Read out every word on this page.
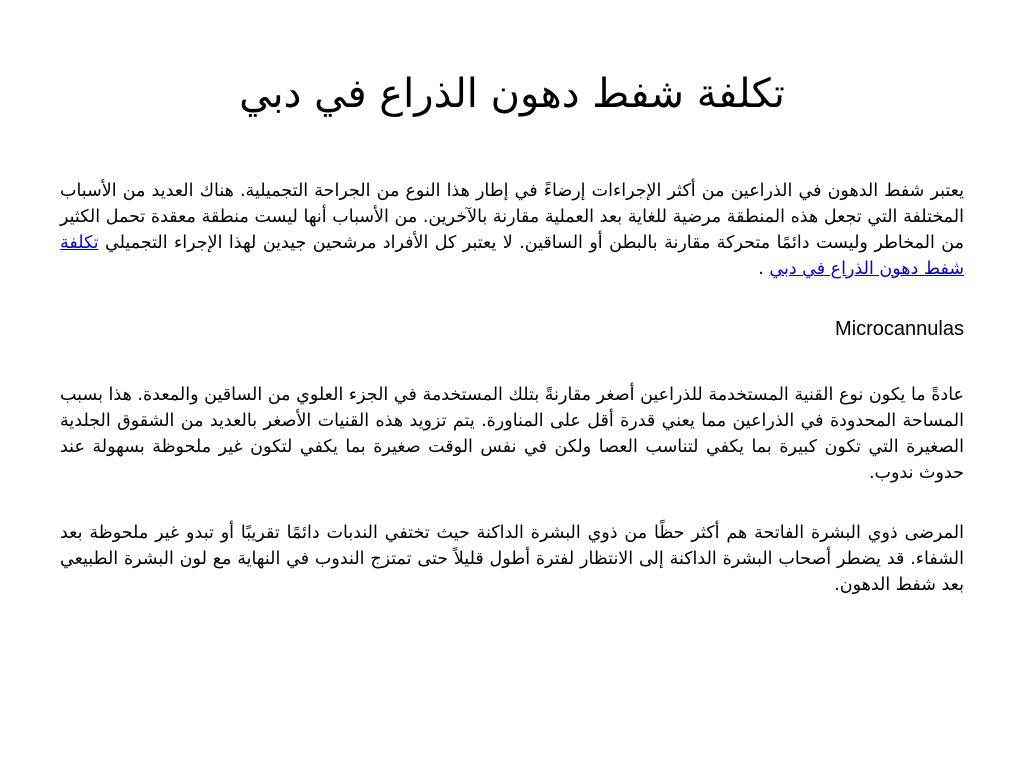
تكلفة شفط دهون الذراع في دبي

يعتبر شفط الدهون في الذراعين من أكثر الإجراءات إرضاءً في إطار هذا النوع من الجراحة التجميلية. هناك العديد من الأسباب المختلفة التي تجعل هذه المنطقة مرضية للغاية بعد العملية مقارنة بالآخرين. من الأسباب أنها ليست منطقة معقدة تحمل الكثير من المخاطر وليست دائمًا متحركة مقارنة بالبطن أو الساقين. لا يعتبر كل الأفراد مرشحين جيدين لهذا الإجراء التجميلي تكلفة شفط دهون الذراع في دبي .

Microcannulas

عادةً ما يكون نوع القنية المستخدمة للذراعين أصغر مقارنةً بتلك المستخدمة في الجزء العلوي من الساقين والمعدة. هذا بسبب المساحة المحدودة في الذراعين مما يعني قدرة أقل على المناورة. يتم تزويد هذه القنيات الأصغر بالعديد من الشقوق الجلدية الصغيرة التي تكون كبيرة بما يكفي لتناسب العصا ولكن في نفس الوقت صغيرة بما يكفي لتكون غير ملحوظة بسهولة عند حدوث ندوب.

المرضى ذوي البشرة الفاتحة هم أكثر حظًا من ذوي البشرة الداكنة حيث تختفي الندبات دائمًا تقريبًا أو تبدو غير ملحوظة بعد الشفاء. قد يضطر أصحاب البشرة الداكنة إلى الانتظار لفترة أطول قليلاً حتى تمتزج الندوب في النهاية مع لون البشرة الطبيعي بعد شفط الدهون.
